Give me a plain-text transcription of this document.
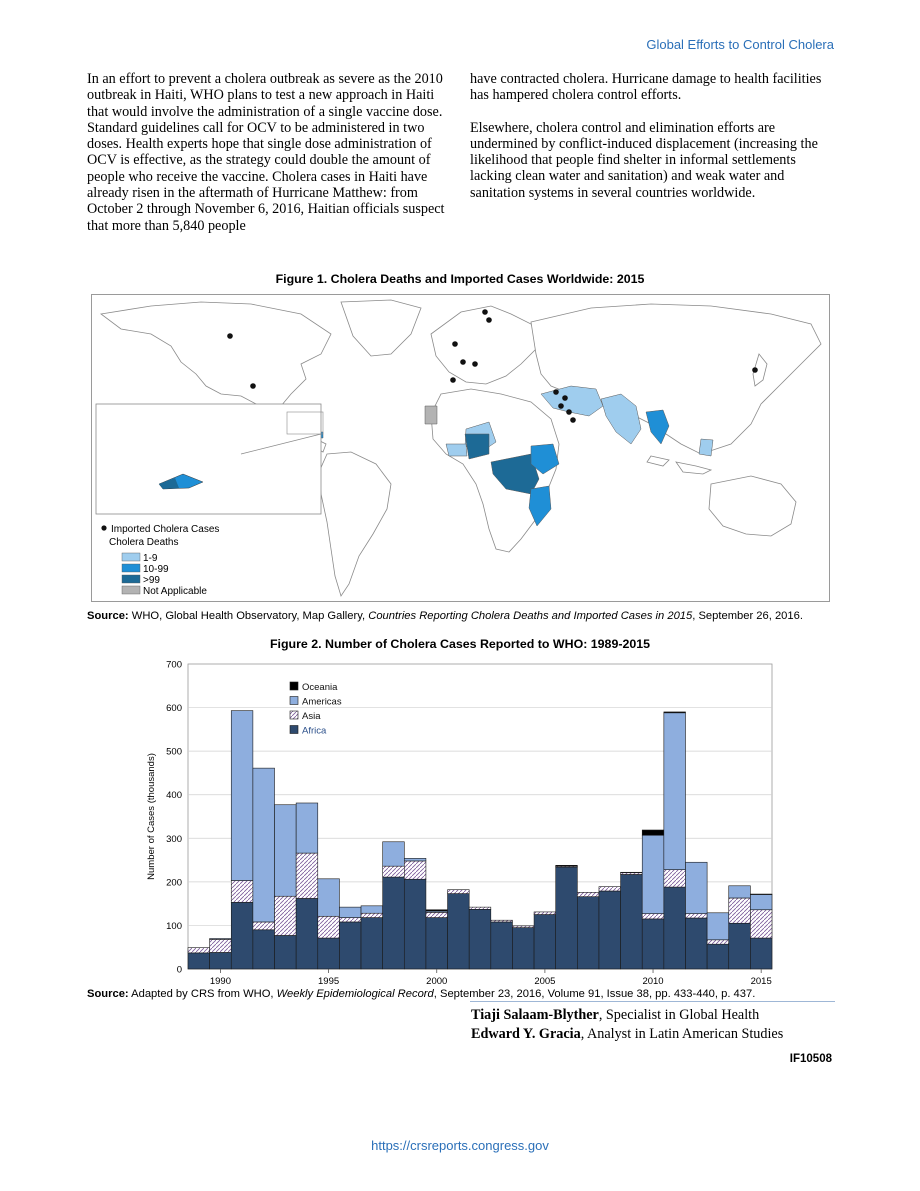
Global Efforts to Control Cholera

In an effort to prevent a cholera outbreak as severe as the 2010 outbreak in Haiti, WHO plans to test a new approach in Haiti that would involve the administration of a single vaccine dose. Standard guidelines call for OCV to be administered in two doses. Health experts hope that single dose administration of OCV is effective, as the strategy could double the amount of people who receive the vaccine. Cholera cases in Haiti have already risen in the aftermath of Hurricane Matthew: from October 2 through November 6, 2016, Haitian officials suspect that more than 5,840 people

have contracted cholera. Hurricane damage to health facilities has hampered cholera control efforts.

Elsewhere, cholera control and elimination efforts are undermined by conflict-induced displacement (increasing the likelihood that people find shelter in informal settlements lacking clean water and sanitation) and weak water and sanitation systems in several countries worldwide.

Figure 1. Cholera Deaths and Imported Cases Worldwide: 2015
Imported Cholera Cases
Cholera Deaths
1-9
10-99
>99
Not Applicable
Source: WHO, Global Health Observatory, Map Gallery, Countries Reporting Cholera Deaths and Imported Cases in 2015, September 26, 2016.
Figure 2. Number of Cholera Cases Reported to WHO: 1989-2015
0
100
200
300
400
500
600
700
1990	1995	2000	2005	2010	2015
Number of Cases (thousands)
Oceania
Americas
Asia
Africa
Source: Adapted by CRS from WHO, Weekly Epidemiological Record, September 23, 2016, Volume 91, Issue 38, pp. 433-440, p. 437.
Tiaji Salaam-Blyther, Specialist in Global Health
Edward Y. Gracia, Analyst in Latin American Studies
IF10508
https://crsreports.congress.gov
